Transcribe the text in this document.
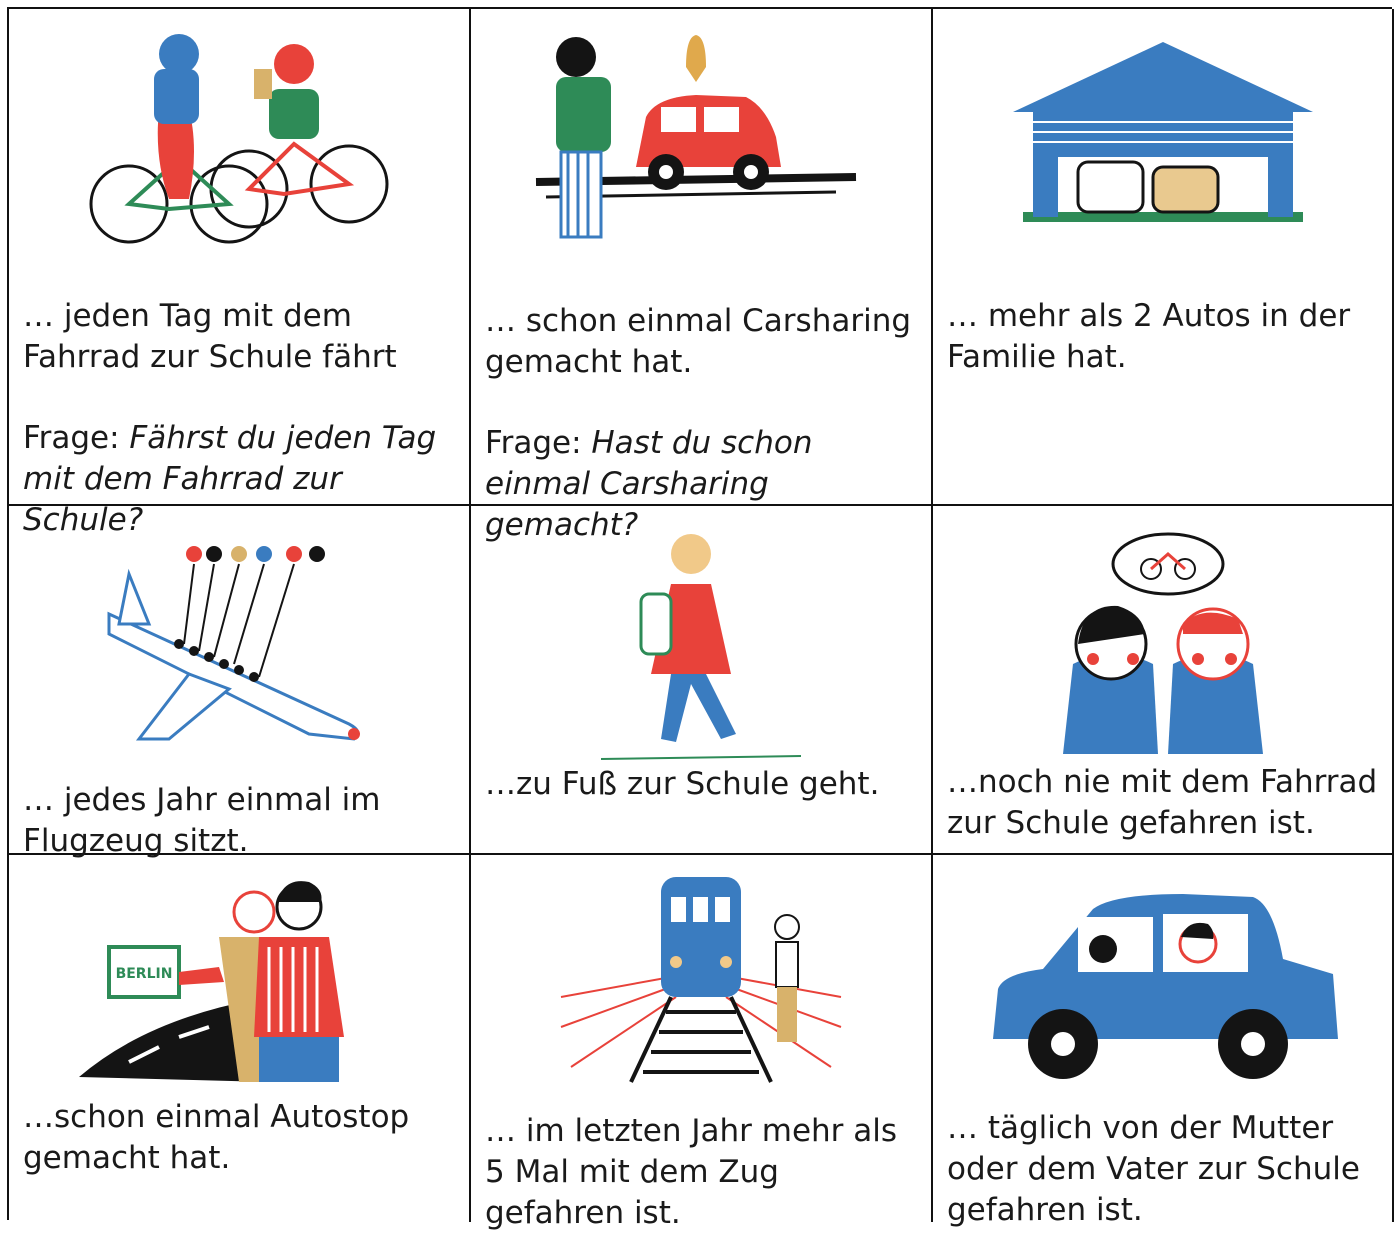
… jeden Tag mit dem Fahrrad zur Schule fährt
Frage: Fährst du jeden Tag mit dem Fahrrad zur Schule?
… schon einmal Carsharing gemacht hat.
Frage: Hast du schon einmal Carsharing gemacht?
… mehr als 2 Autos in der Familie hat.
… jedes Jahr einmal im Flugzeug sitzt.
…zu Fuß zur Schule geht.	…noch nie mit dem Fahrrad zur Schule gefahren ist.
BERLIN
…schon einmal Autostop gemacht hat.
… im letzten Jahr mehr als 5 Mal mit dem Zug gefahren ist.
… täglich von der Mutter oder dem Vater zur Schule gefahren ist.
